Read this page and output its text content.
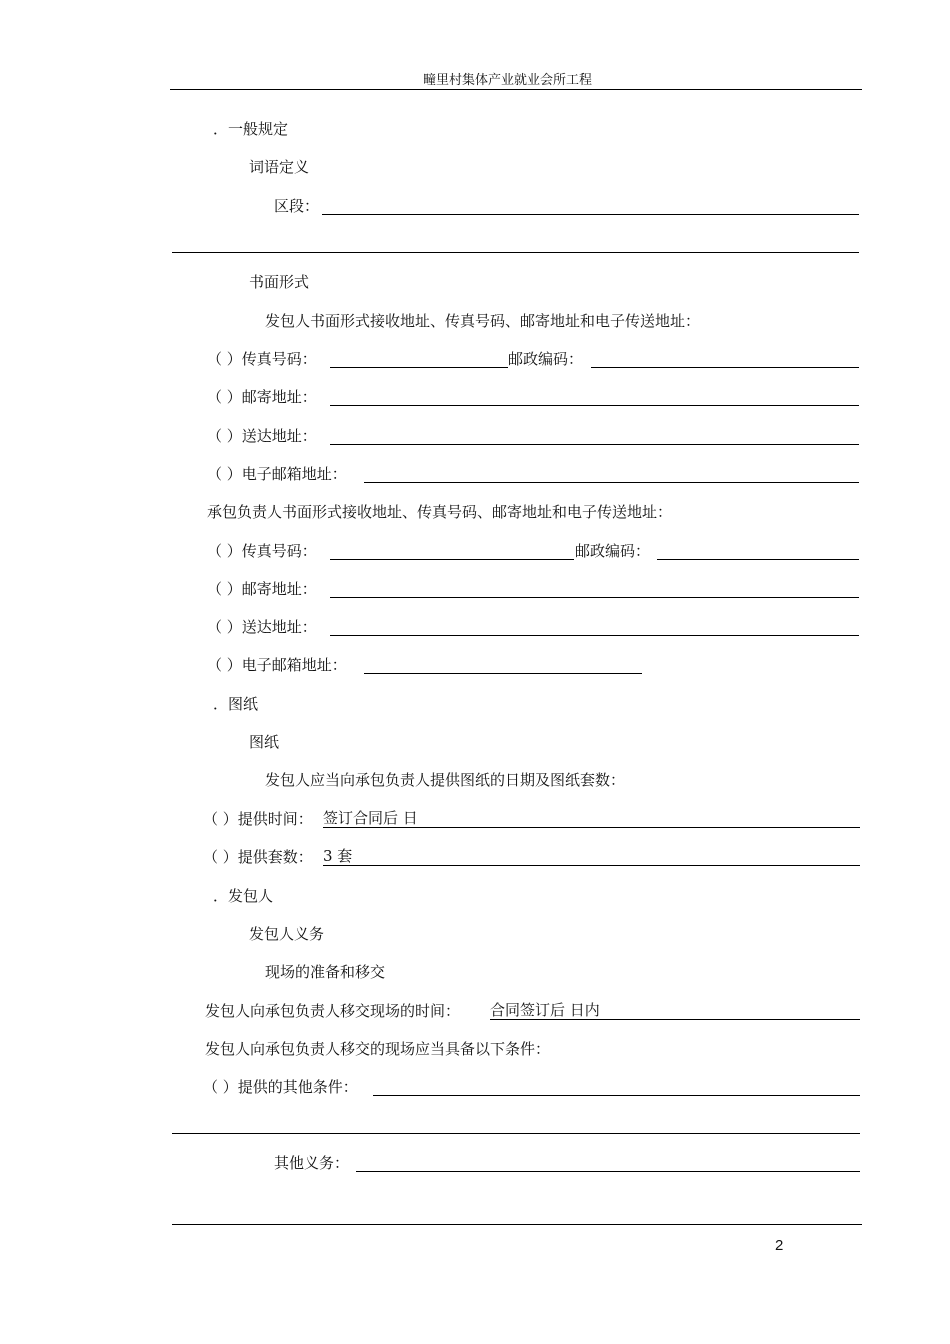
疃里村集体产业就业会所工程
．一般规定
词语定义
区段：
书面形式
发包人书面形式接收地址、传真号码、邮寄地址和电子传送地址：
（ ）传真号码：	邮政编码：
（ ）邮寄地址：
（ ）送达地址：
（ ）电子邮箱地址：
承包负责人书面形式接收地址、传真号码、邮寄地址和电子传送地址：
（ ）传真号码：	邮政编码：
（ ）邮寄地址：
（ ）送达地址：
（ ）电子邮箱地址：
．图纸
图纸
发包人应当向承包负责人提供图纸的日期及图纸套数：
（ ）提供时间： 签订合同后 日
（ ）提供套数： 3 套
．发包人
发包人义务
现场的准备和移交
发包人向承包负责人移交现场的时间： 合同签订后 日内
发包人向承包负责人移交的现场应当具备以下条件：
（ ）提供的其他条件：
其他义务：
2
